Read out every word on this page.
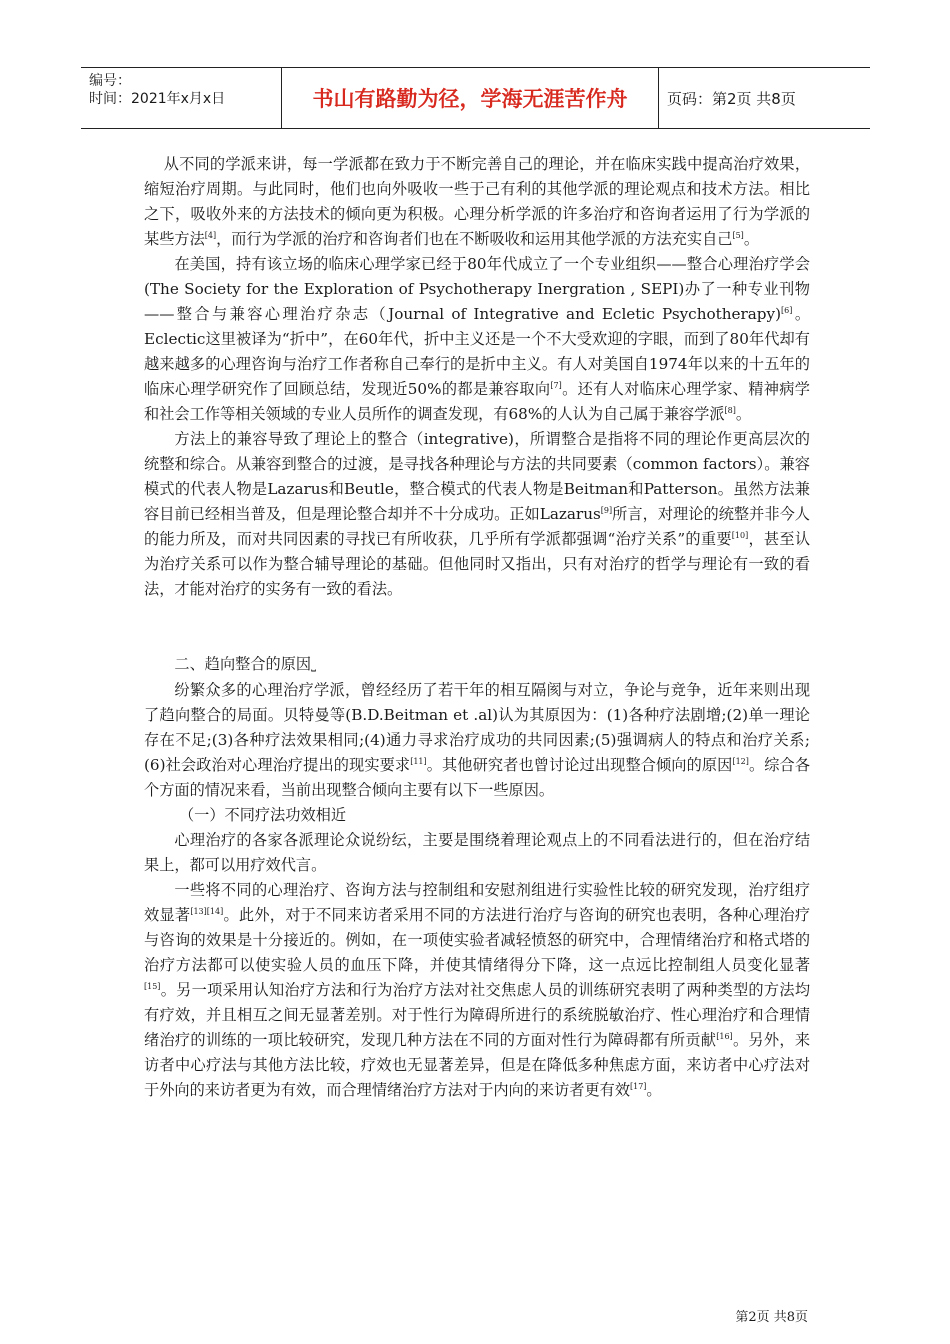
编号：
时间：2021年x月x日	书山有路勤为径，学海无涯苦作舟	页码：第2页 共8页

从不同的学派来讲，每一学派都在致力于不断完善自己的理论，并在临床实践中提高治疗效果，缩短治疗周期。与此同时，他们也向外吸收一些于己有利的其他学派的理论观点和技术方法。相比之下，吸收外来的方法技术的倾向更为积极。心理分析学派的许多治疗和咨询者运用了行为学派的某些方法[4]，而行为学派的治疗和咨询者们也在不断吸收和运用其他学派的方法充实自己[5]。

在美国，持有该立场的临床心理学家已经于80年代成立了一个专业组织——整合心理治疗学会(The Society for the Exploration of Psychotherapy Inergration , SEPI)办了一种专业刊物——整合与兼容心理治疗杂志（Journal of Integrative and Ecletic Psychotherapy)[6]。Eclectic这里被译为“折中”，在60年代，折中主义还是一个不大受欢迎的字眼，而到了80年代却有越来越多的心理咨询与治疗工作者称自己奉行的是折中主义。有人对美国自1974年以来的十五年的临床心理学研究作了回顾总结，发现近50%的都是兼容取向[7]。还有人对临床心理学家、精神病学和社会工作等相关领域的专业人员所作的调查发现，有68%的人认为自己属于兼容学派[8]。

方法上的兼容导致了理论上的整合（integrative)，所谓整合是指将不同的理论作更高层次的统整和综合。从兼容到整合的过渡，是寻找各种理论与方法的共同要素（common factors）。兼容模式的代表人物是Lazarus和Beutle，整合模式的代表人物是Beitman和Patterson。虽然方法兼容目前已经相当普及，但是理论整合却并不十分成功。正如Lazarus[9]所言，对理论的统整并非今人的能力所及，而对共同因素的寻找已有所收获，几乎所有学派都强调“治疗关系”的重要[10]，甚至认为治疗关系可以作为整合辅导理论的基础。但他同时又指出，只有对治疗的哲学与理论有一致的看法，才能对治疗的实务有一致的看法。

二、趋向整合的原因⎵

纷繁众多的心理治疗学派，曾经经历了若干年的相互隔阂与对立，争论与竞争，近年来则出现了趋向整合的局面。贝特曼等(B.D.Beitman et .al)认为其原因为：(1)各种疗法剧增;(2)单一理论存在不足;(3)各种疗法效果相同;(4)通力寻求治疗成功的共同因素;(5)强调病人的特点和治疗关系;(6)社会政治对心理治疗提出的现实要求[11]。其他研究者也曾讨论过出现整合倾向的原因[12]。综合各个方面的情况来看，当前出现整合倾向主要有以下一些原因。

（一）不同疗法功效相近

心理治疗的各家各派理论众说纷纭，主要是围绕着理论观点上的不同看法进行的，但在治疗结果上，都可以用疗效代言。

一些将不同的心理治疗、咨询方法与控制组和安慰剂组进行实验性比较的研究发现，治疗组疗效显著[13][14]。此外，对于不同来访者采用不同的方法进行治疗与咨询的研究也表明，各种心理治疗与咨询的效果是十分接近的。例如，在一项使实验者减轻愤怒的研究中，合理情绪治疗和格式塔的治疗方法都可以使实验人员的血压下降，并使其情绪得分下降，这一点远比控制组人员变化显著[15]。另一项采用认知治疗方法和行为治疗方法对社交焦虑人员的训练研究表明了两种类型的方法均有疗效，并且相互之间无显著差别。对于性行为障碍所进行的系统脱敏治疗、性心理治疗和合理情绪治疗的训练的一项比较研究，发现几种方法在不同的方面对性行为障碍都有所贡献[16]。另外，来访者中心疗法与其他方法比较，疗效也无显著差异，但是在降低多种焦虑方面，来访者中心疗法对于外向的来访者更为有效，而合理情绪治疗方法对于内向的来访者更有效[17]。

第2页 共8页
